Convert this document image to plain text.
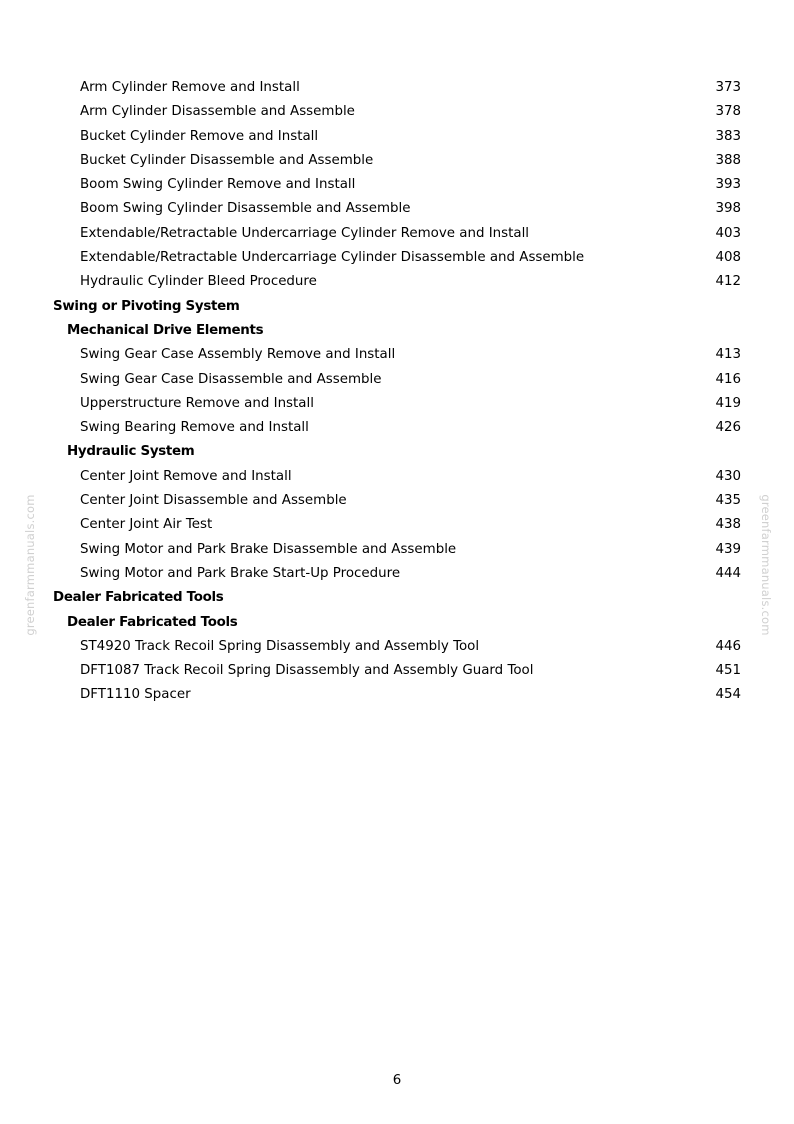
Arm Cylinder Remove and Install	373
Arm Cylinder Disassemble and Assemble	378
Bucket Cylinder Remove and Install	383
Bucket Cylinder Disassemble and Assemble	388
Boom Swing Cylinder Remove and Install	393
Boom Swing Cylinder Disassemble and Assemble	398
Extendable/Retractable Undercarriage Cylinder Remove and Install	403
Extendable/Retractable Undercarriage Cylinder Disassemble and Assemble	408
Hydraulic Cylinder Bleed Procedure	412
Swing or Pivoting System
Mechanical Drive Elements
Swing Gear Case Assembly Remove and Install	413
Swing Gear Case Disassemble and Assemble	416
Upperstructure Remove and Install	419
Swing Bearing Remove and Install	426
Hydraulic System
Center Joint Remove and Install	430
Center Joint Disassemble and Assemble	435
Center Joint Air Test	438
Swing Motor and Park Brake Disassemble and Assemble	439
Swing Motor and Park Brake Start-Up Procedure	444
Dealer Fabricated Tools
Dealer Fabricated Tools
ST4920 Track Recoil Spring Disassembly and Assembly Tool	446
DFT1087 Track Recoil Spring Disassembly and Assembly Guard Tool	451
DFT1110 Spacer	454
greenfarmmanuals.com	greenfarmmanuals.com
6
